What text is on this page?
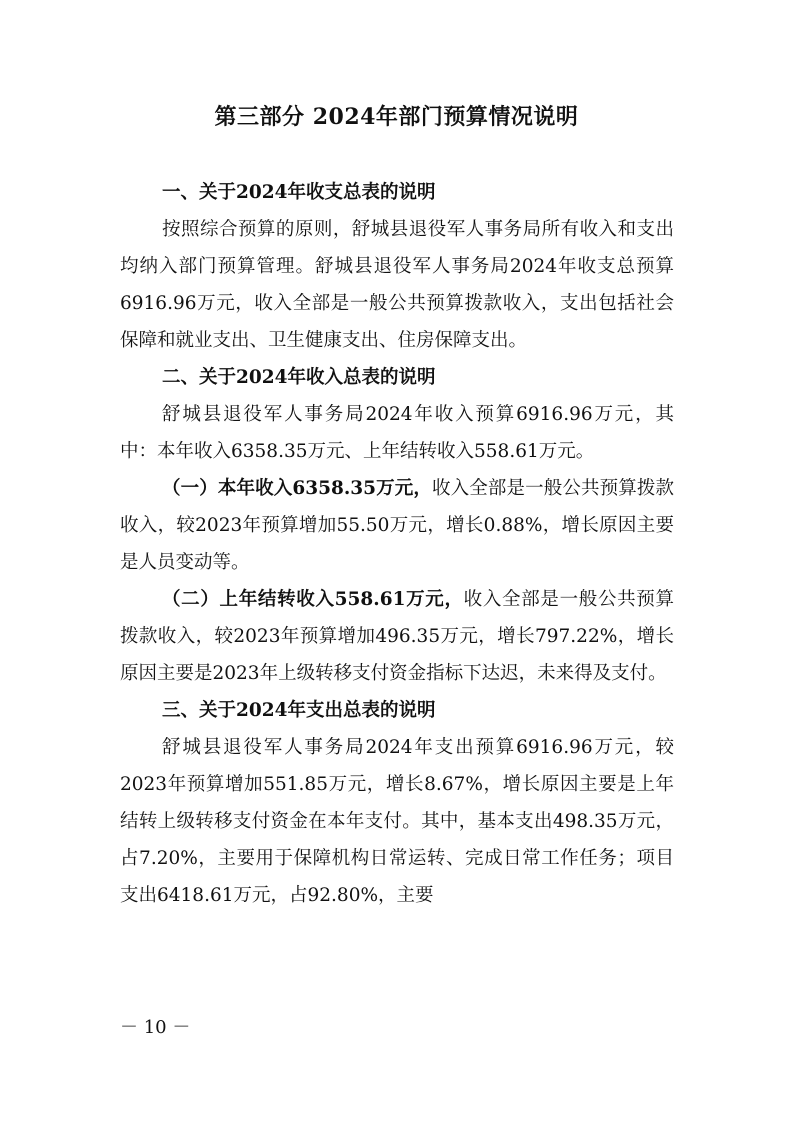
第三部分 2024年部门预算情况说明

一、关于2024年收支总表的说明

按照综合预算的原则，舒城县退役军人事务局所有收入和支出均纳入部门预算管理。舒城县退役军人事务局2024年收支总预算6916.96万元，收入全部是一般公共预算拨款收入，支出包括社会保障和就业支出、卫生健康支出、住房保障支出。

二、关于2024年收入总表的说明

舒城县退役军人事务局2024年收入预算6916.96万元，其中：本年收入6358.35万元、上年结转收入558.61万元。

（一）本年收入6358.35万元，收入全部是一般公共预算拨款收入，较2023年预算增加55.50万元，增长0.88%，增长原因主要是人员变动等。

（二）上年结转收入558.61万元，收入全部是一般公共预算拨款收入，较2023年预算增加496.35万元，增长797.22%，增长原因主要是2023年上级转移支付资金指标下达迟，未来得及支付。

三、关于2024年支出总表的说明

舒城县退役军人事务局2024年支出预算6916.96万元，较2023年预算增加551.85万元，增长8.67%，增长原因主要是上年结转上级转移支付资金在本年支付。其中，基本支出498.35万元，占7.20%，主要用于保障机构日常运转、完成日常工作任务；项目支出6418.61万元，占92.80%，主要

－ 10 －
